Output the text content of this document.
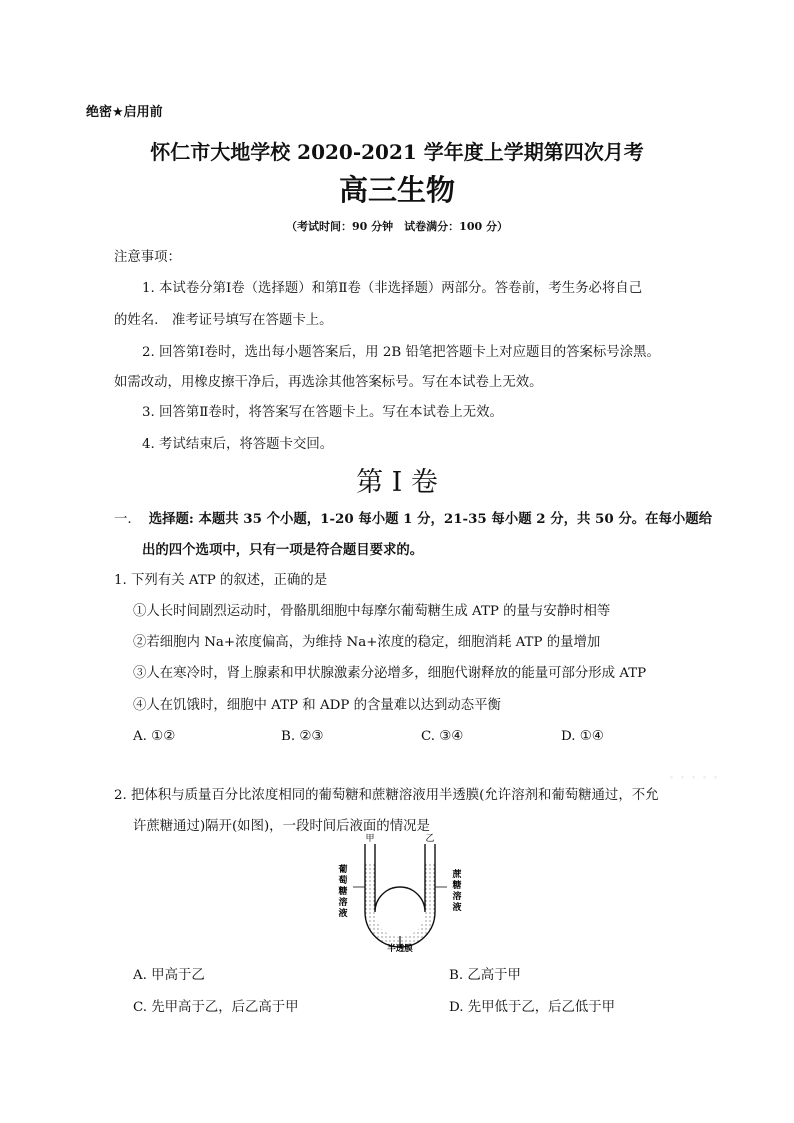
绝密★启用前
怀仁市大地学校 2020-2021 学年度上学期第四次月考
高三生物
（考试时间：90 分钟　试卷满分：100 分）
注意事项：
1. 本试卷分第Ⅰ卷（选择题）和第Ⅱ卷（非选择题）两部分。答卷前，考生务必将自己
的姓名.　准考证号填写在答题卡上。
2. 回答第Ⅰ卷时，选出每小题答案后，用 2B 铅笔把答题卡上对应题目的答案标号涂黑。
如需改动，用橡皮擦干净后，再选涂其他答案标号。写在本试卷上无效。
3. 回答第Ⅱ卷时，将答案写在答题卡上。写在本试卷上无效。
4. 考试结束后，将答题卡交回。
第 I 卷
一. 选择题: 本题共 35 个小题，1-20 每小题 1 分，21-35 每小题 2 分，共 50 分。在每小题给
出的四个选项中，只有一项是符合题目要求的。
1. 下列有关 ATP 的叙述，正确的是
①人长时间剧烈运动时，骨骼肌细胞中每摩尔葡萄糖生成 ATP 的量与安静时相等
②若细胞内 Na+浓度偏高，为维持 Na+浓度的稳定，细胞消耗 ATP 的量增加
③人在寒冷时，肾上腺素和甲状腺激素分泌增多，细胞代谢释放的能量可部分形成 ATP
④人在饥饿时，细胞中 ATP 和 ADP 的含量难以达到动态平衡
A. ①②	B. ②③	C. ③④	D. ①④
2. 把体积与质量百分比浓度相同的葡萄糖和蔗糖溶液用半透膜(允许溶剂和葡萄糖通过，不允
许蔗糖通过)隔开(如图)，一段时间后液面的情况是
·····
甲	乙
葡
萄
糖
溶
液
蔗
糖
溶
液
半透膜
A. 甲高于乙	B. 乙高于甲
C. 先甲高于乙，后乙高于甲	D. 先甲低于乙，后乙低于甲
